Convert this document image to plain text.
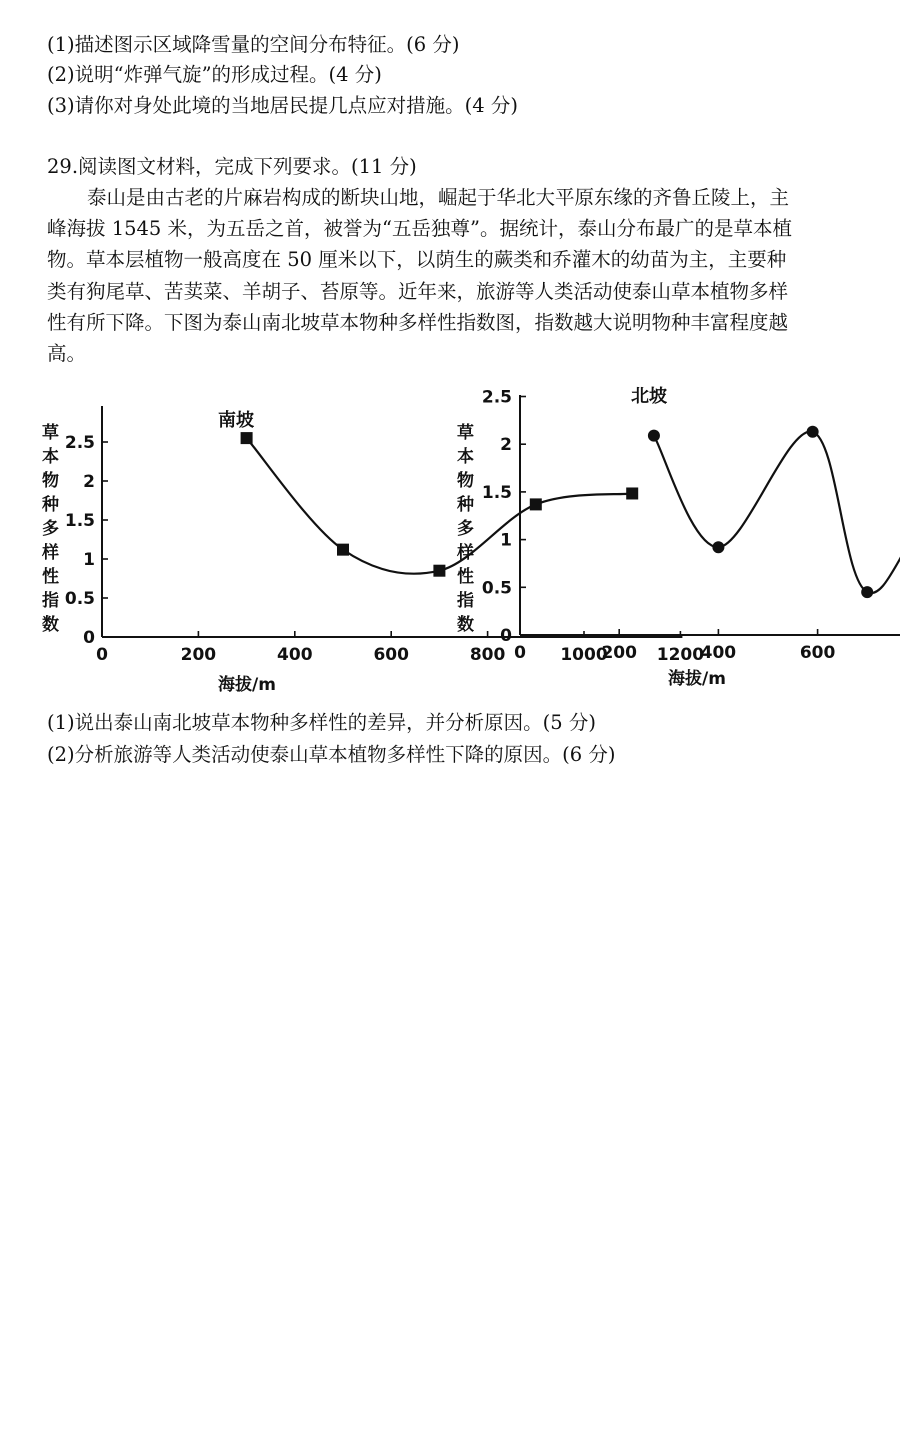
(1)描述图示区域降雪量的空间分布特征。(6 分)
(2)说明“炸弹气旋”的形成过程。(4 分)
(3)请你对身处此境的当地居民提几点应对措施。(4 分)
29.阅读图文材料，完成下列要求。(11 分)
泰山是由古老的片麻岩构成的断块山地，崛起于华北大平原东缘的齐鲁丘陵上，主
峰海拔 1545 米，为五岳之首，被誉为“五岳独尊”。据统计，泰山分布最广的是草本植
物。草本层植物一般高度在 50 厘米以下，以荫生的蕨类和乔灌木的幼苗为主，主要种
类有狗尾草、苦荬菜、羊胡子、苔原等。近年来，旅游等人类活动使泰山草本植物多样
性有所下降。下图为泰山南北坡草本物种多样性指数图，指数越大说明物种丰富程度越
高。
南坡
草
本
物
种
多
样
性
指
数
海拔/m
0
0.5
1
1.5
2
2.5
0	200	400	600	800	1000	1200
北坡
草
本
物
种
多
样
性
指
数
海拔/m
0
0.5
1
1.5
2
2.5
0	200	400	600
(1)说出泰山南北坡草本物种多样性的差异，并分析原因。(5 分)
(2)分析旅游等人类活动使泰山草本植物多样性下降的原因。(6 分)
